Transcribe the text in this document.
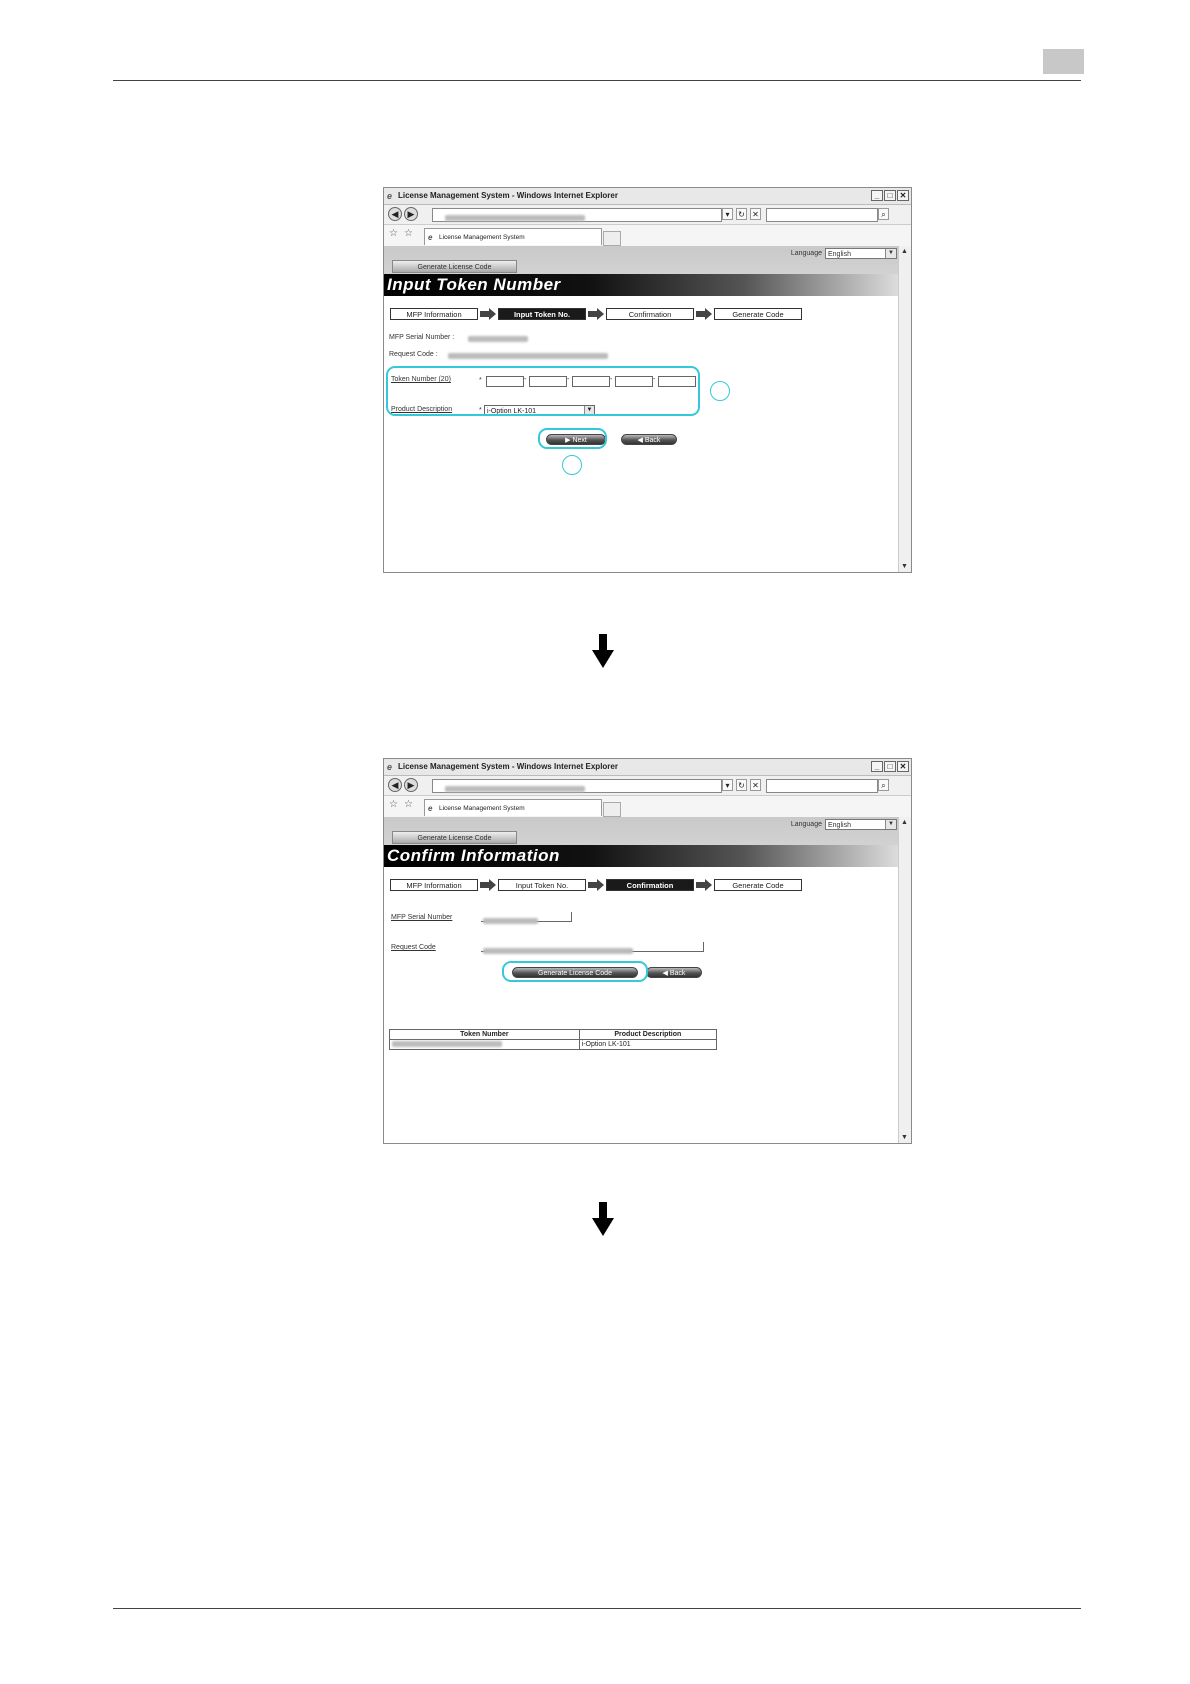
e License Management System - Windows Internet Explorer	_	□ ✕
◀	▶	▾	↻ ✕	⌕
☆ ☆ e License Management System
Language English	▼
Generate License Code
Input Token Number
MFP Information	Input Token No.	Confirmation	Generate Code
MFP Serial Number :
Request Code :
Token Number (20)	*	-	-	-	-
Product Description	* i-Option LK-101	▼
▶ Next	◀ Back
▲
▼
e License Management System - Windows Internet Explorer	_	□ ✕
◀	▶	▾	↻ ✕	⌕
☆ ☆ e License Management System
Language English	▼
Generate License Code
Confirm Information
MFP Information	Input Token No.	Confirmation	Generate Code
MFP Serial Number
Request Code
Generate License Code	◀ Back
Token Number	Product Description
	i-Option LK-101
▲
▼
